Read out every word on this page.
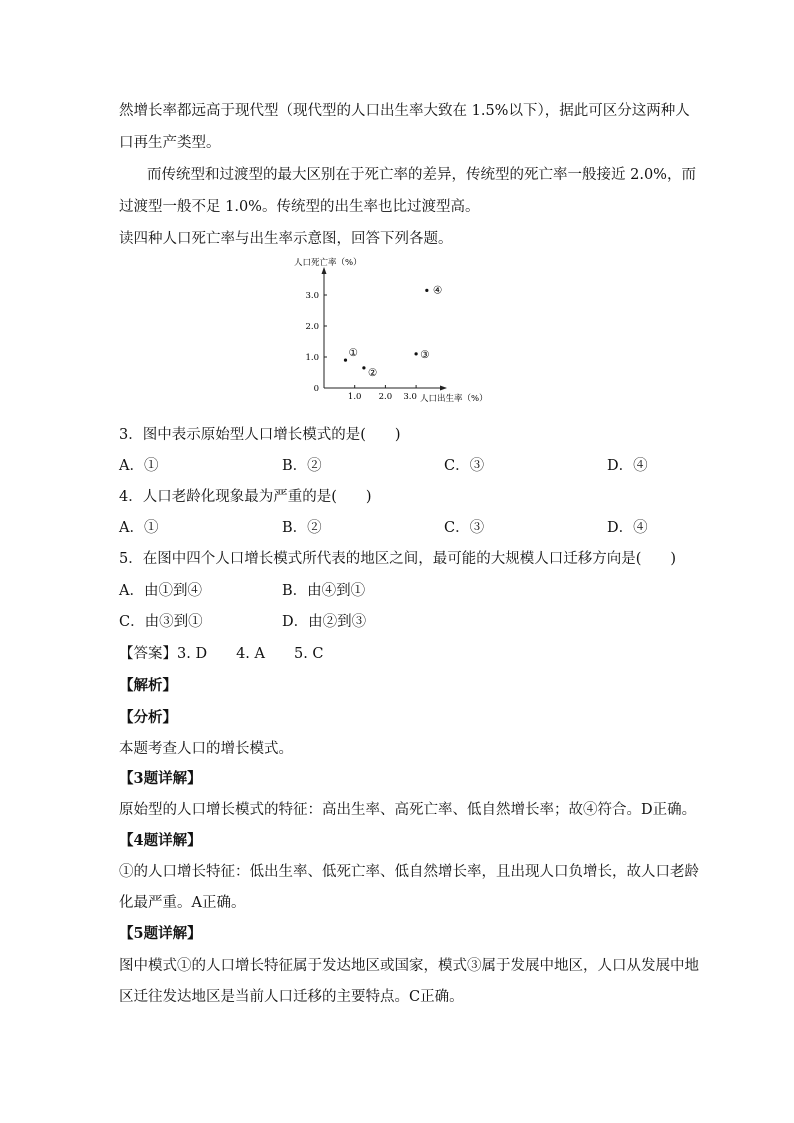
然增长率都远高于现代型（现代型的人口出生率大致在 1.5%以下），据此可区分这两种人
口再生产类型。
而传统型和过渡型的最大区别在于死亡率的差异，传统型的死亡率一般接近 2.0%，而
过渡型一般不足 1.0%。传统型的出生率也比过渡型高。
读四种人口死亡率与出生率示意图，回答下列各题。
0
1.0
2.0
3.0
1.0 2.0 3.0
①
②
③
④
人口死亡率（%）
人口出生率（%）
3．图中表示原始型人口增长模式的是(　　)
A．①	B．②	C．③	D．④
4．人口老龄化现象最为严重的是(　　)
A．①	B．②	C．③	D．④
5．在图中四个人口增长模式所代表的地区之间，最可能的大规模人口迁移方向是(　　)
A．由①到④	B．由④到①
C．由③到①	D．由②到③
【答案】3. D　　4. A　　5. C
【解析】
【分析】
本题考查人口的增长模式。
【3题详解】
原始型的人口增长模式的特征：高出生率、高死亡率、低自然增长率；故④符合。D正确。
【4题详解】
①的人口增长特征：低出生率、低死亡率、低自然增长率，且出现人口负增长，故人口老龄
化最严重。A正确。
【5题详解】
图中模式①的人口增长特征属于发达地区或国家，模式③属于发展中地区，人口从发展中地
区迁往发达地区是当前人口迁移的主要特点。C正确。
